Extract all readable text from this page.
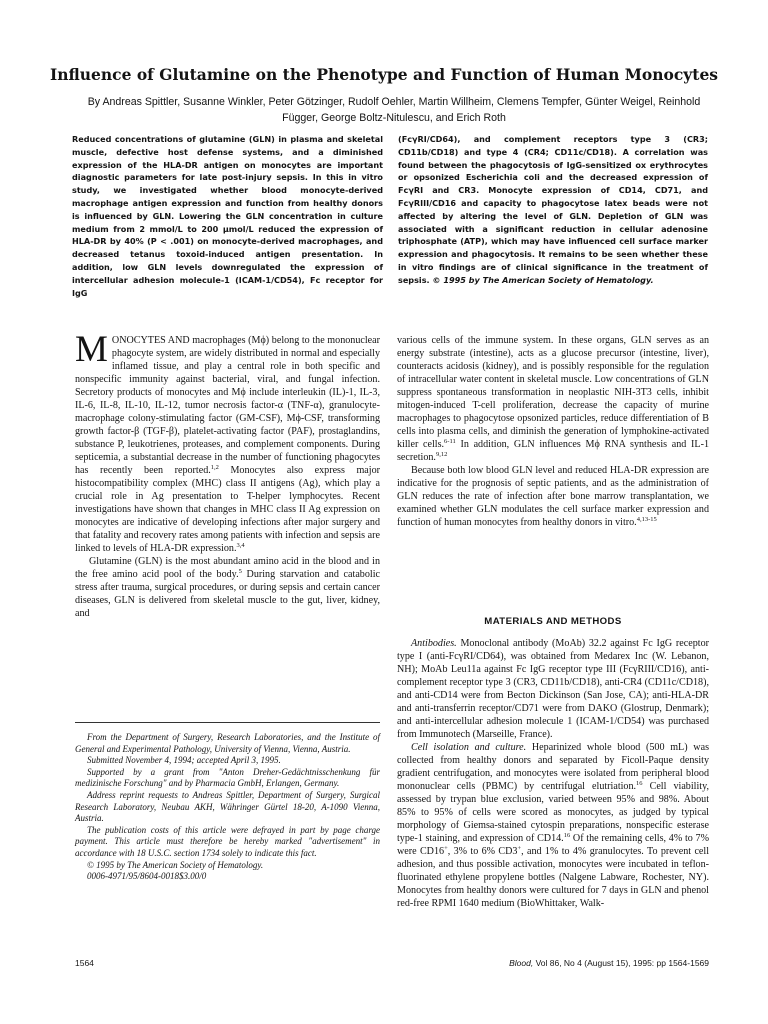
Influence of Glutamine on the Phenotype and Function of Human Monocytes

By Andreas Spittler, Susanne Winkler, Peter Götzinger, Rudolf Oehler, Martin Willheim, Clemens Tempfer, Günter Weigel, Reinhold Függer, George Boltz-Nitulescu, and Erich Roth

Reduced concentrations of glutamine (GLN) in plasma and skeletal muscle, defective host defense systems, and a diminished expression of the HLA-DR antigen on monocytes are important diagnostic parameters for late post-injury sepsis. In this in vitro study, we investigated whether blood monocyte-derived macrophage antigen expression and function from healthy donors is influenced by GLN. Lowering the GLN concentration in culture medium from 2 mmol/L to 200 μmol/L reduced the expression of HLA-DR by 40% (P < .001) on monocyte-derived macrophages, and decreased tetanus toxoid-induced antigen presentation. In addition, low GLN levels downregulated the expression of intercellular adhesion molecule-1 (ICAM-1/CD54), Fc receptor for IgG

(FcγRI/CD64), and complement receptors type 3 (CR3; CD11b/CD18) and type 4 (CR4; CD11c/CD18). A correlation was found between the phagocytosis of IgG-sensitized ox erythrocytes or opsonized Escherichia coli and the decreased expression of FcγRI and CR3. Monocyte expression of CD14, CD71, and FcγRIII/CD16 and capacity to phagocytose latex beads were not affected by altering the level of GLN. Depletion of GLN was associated with a significant reduction in cellular adenosine triphosphate (ATP), which may have influenced cell surface marker expression and phagocytosis. It remains to be seen whether these in vitro findings are of clinical significance in the treatment of sepsis. © 1995 by The American Society of Hematology.

MONOCYTES AND macrophages (Mϕ) belong to the mononuclear phagocyte system, are widely distributed in normal and especially inflamed tissue, and play a central role in both specific and nonspecific immunity against bacterial, viral, and fungal infection. Secretory products of monocytes and Mϕ include interleukin (IL)-1, IL-3, IL-6, IL-8, IL-10, IL-12, tumor necrosis factor-α (TNF-α), granulocyte-macrophage colony-stimulating factor (GM-CSF), Mϕ-CSF, transforming growth factor-β (TGF-β), platelet-activating factor (PAF), prostaglandins, substance P, leukotrienes, proteases, and complement components. During septicemia, a substantial decrease in the number of functioning phagocytes has recently been reported.$^{1,2}$ Monocytes also express major histocompatibility complex (MHC) class II antigens (Ag), which play a crucial role in Ag presentation to T-helper lymphocytes. Recent investigations have shown that changes in MHC class II Ag expression on monocytes are indicative of developing infections after major surgery and that fatality and recovery rates among patients with infection and sepsis are linked to levels of HLA-DR expression.$^{3,4}$

Glutamine (GLN) is the most abundant amino acid in the blood and in the free amino acid pool of the body.$^5$ During starvation and catabolic stress after trauma, surgical procedures, or during sepsis and certain cancer diseases, GLN is delivered from skeletal muscle to the gut, liver, kidney, and

From the Department of Surgery, Research Laboratories, and the Institute of General and Experimental Pathology, University of Vienna, Vienna, Austria.

Submitted November 4, 1994; accepted April 3, 1995.

Supported by a grant from "Anton Dreher-Gedächtnisschenkung für medizinische Forschung" and by Pharmacia GmbH, Erlangen, Germany.

Address reprint requests to Andreas Spittler, Department of Surgery, Surgical Research Laboratory, Neubau AKH, Währinger Gürtel 18-20, A-1090 Vienna, Austria.

The publication costs of this article were defrayed in part by page charge payment. This article must therefore be hereby marked "advertisement" in accordance with 18 U.S.C. section 1734 solely to indicate this fact.

© 1995 by The American Society of Hematology.

0006-4971/95/8604-0018$3.00/0

various cells of the immune system. In these organs, GLN serves as an energy substrate (intestine), acts as a glucose precursor (intestine, liver), counteracts acidosis (kidney), and is possibly responsible for the regulation of intracellular water content in skeletal muscle. Low concentrations of GLN suppress spontaneous transformation in neoplastic NIH-3T3 cells, inhibit mitogen-induced T-cell proliferation, decrease the capacity of murine macrophages to phagocytose opsonized particles, reduce differentiation of B cells into plasma cells, and diminish the generation of lymphokine-activated killer cells.$^{6-11}$ In addition, GLN influences Mϕ RNA synthesis and IL-1 secretion.$^{9,12}$

Because both low blood GLN level and reduced HLA-DR expression are indicative for the prognosis of septic patients, and as the administration of GLN reduces the rate of infection after bone marrow transplantation, we examined whether GLN modulates the cell surface marker expression and function of human monocytes from healthy donors in vitro.$^{4,13-15}$

MATERIALS AND METHODS

Antibodies. Monoclonal antibody (MoAb) 32.2 against Fc IgG receptor type I (anti-FcγRI/CD64), was obtained from Medarex Inc (W. Lebanon, NH); MoAb Leu11a against Fc IgG receptor type III (FcγRIII/CD16), anti-complement receptor type 3 (CR3, CD11b/CD18), anti-CR4 (CD11c/CD18), and anti-CD14 were from Becton Dickinson (San Jose, CA); anti-HLA-DR and anti-transferrin receptor/CD71 were from DAKO (Glostrup, Denmark); and anti-intercellular adhesion molecule 1 (ICAM-1/CD54) was purchased from Immunotech (Marseille, France).

Cell isolation and culture. Heparinized whole blood (500 mL) was collected from healthy donors and separated by Ficoll-Paque density gradient centrifugation, and monocytes were isolated from peripheral blood mononuclear cells (PBMC) by centrifugal elutriation.$^{16}$ Cell viability, assessed by trypan blue exclusion, varied between 95% and 98%. About 85% to 95% of cells were scored as monocytes, as judged by typical morphology of Giemsa-stained cytospin preparations, nonspecific esterase type-1 staining, and expression of CD14.16 Of the remaining cells, 4% to 7% were CD16+, 3% to 6% CD3+, and 1% to 4% granulocytes. To prevent cell adhesion, and thus possible activation, monocytes were incubated in teflon-fluorinated ethylene propylene bottles (Nalgene Labware, Rochester, NY). Monocytes from healthy donors were cultured for 7 days in GLN and phenol red-free RPMI 1640 medium (BioWhittaker, Walk-

1564	Blood, Vol 86, No 4 (August 15), 1995: pp 1564-1569
